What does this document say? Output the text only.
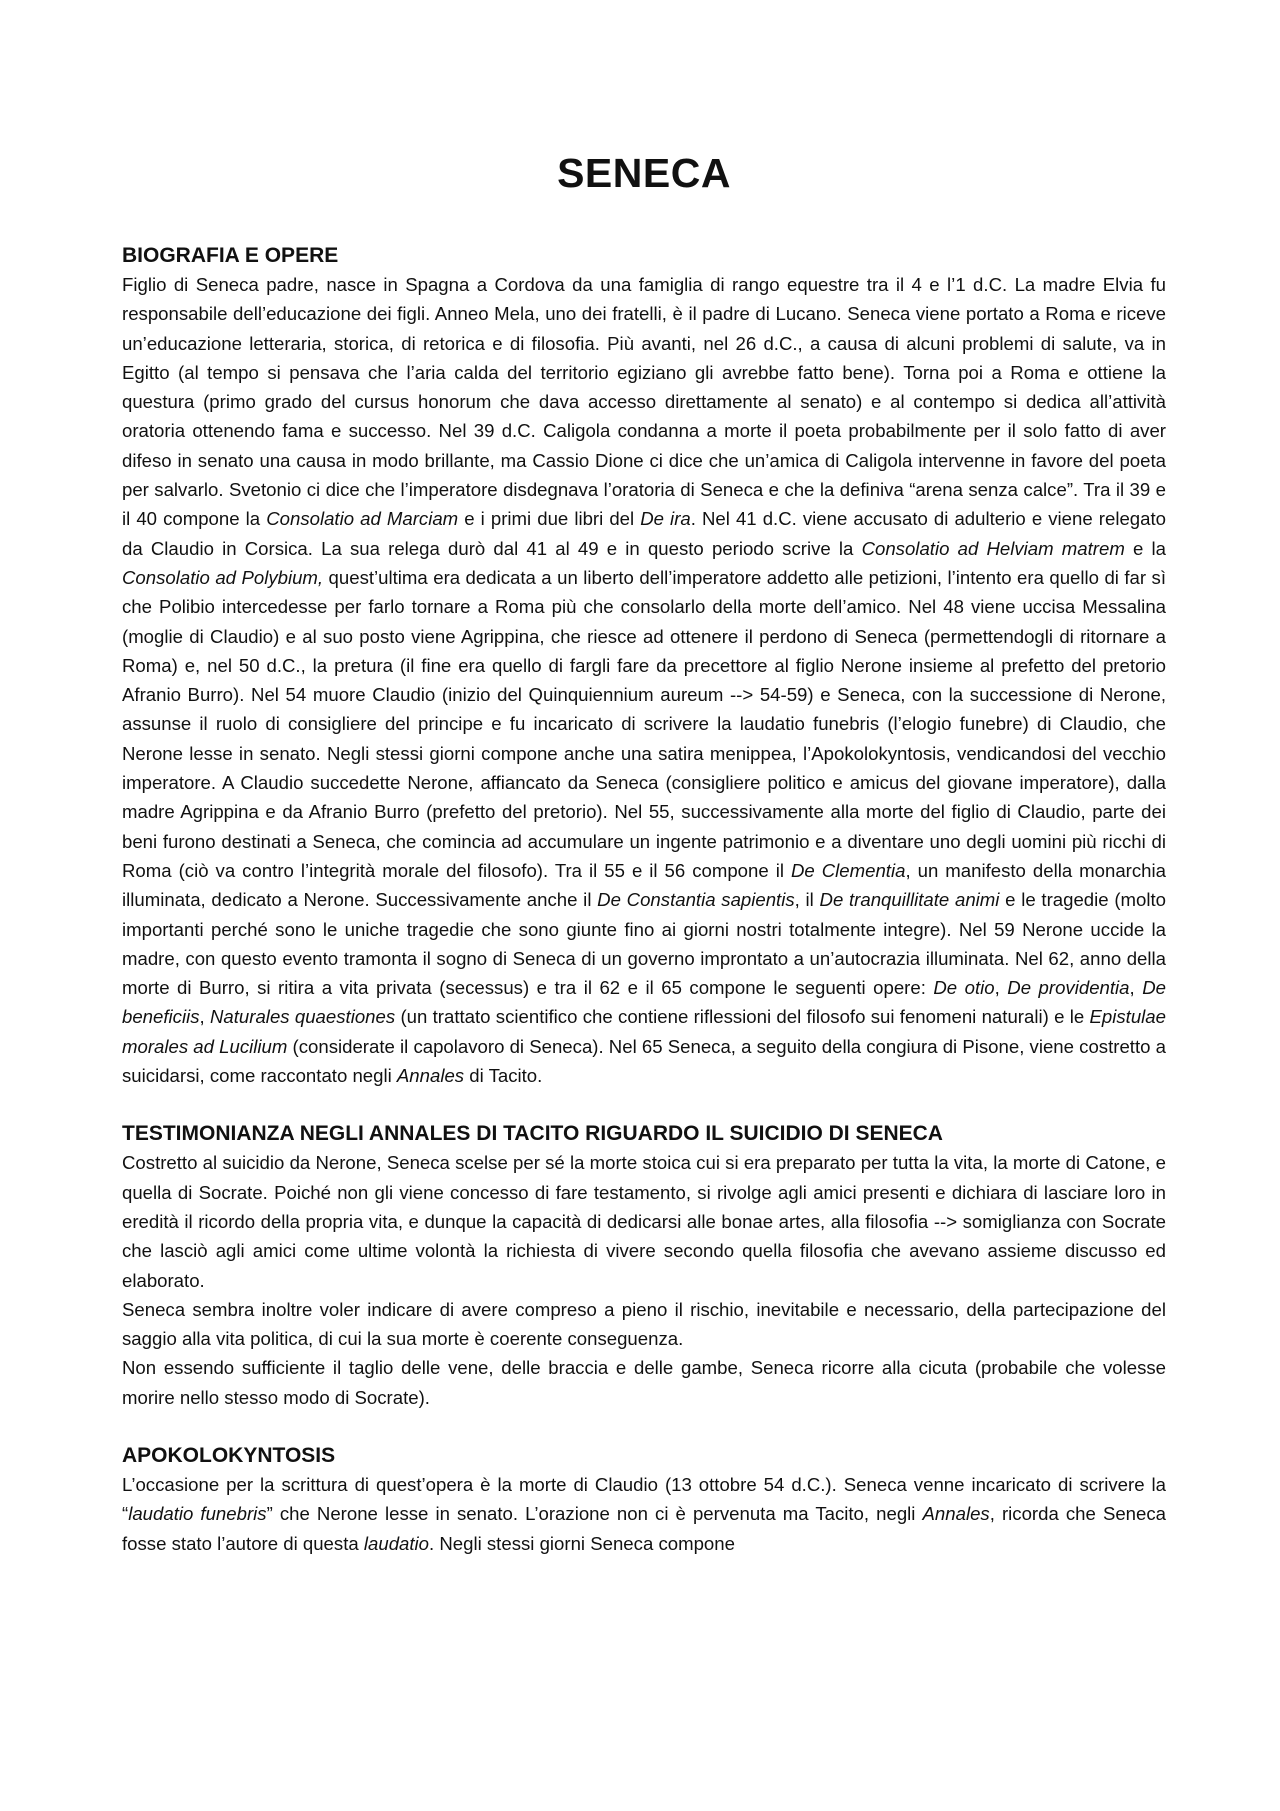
SENECA
BIOGRAFIA E OPERE

Figlio di Seneca padre, nasce in Spagna a Cordova da una famiglia di rango equestre tra il 4 e l’1 d.C. La madre Elvia fu responsabile dell’educazione dei figli. Anneo Mela, uno dei fratelli, è il padre di Lucano. Seneca viene portato a Roma e riceve un’educazione letteraria, storica, di retorica e di filosofia. Più avanti, nel 26 d.C., a causa di alcuni problemi di salute, va in Egitto (al tempo si pensava che l’aria calda del territorio egiziano gli avrebbe fatto bene). Torna poi a Roma e ottiene la questura (primo grado del cursus honorum che dava accesso direttamente al senato) e al contempo si dedica all’attività oratoria ottenendo fama e successo. Nel 39 d.C. Caligola condanna a morte il poeta probabilmente per il solo fatto di aver difeso in senato una causa in modo brillante, ma Cassio Dione ci dice che un’amica di Caligola intervenne in favore del poeta per salvarlo. Svetonio ci dice che l’imperatore disdegnava l’oratoria di Seneca e che la definiva “arena senza calce”. Tra il 39 e il 40 compone la Consolatio ad Marciam e i primi due libri del De ira. Nel 41 d.C. viene accusato di adulterio e viene relegato da Claudio in Corsica. La sua relega durò dal 41 al 49 e in questo periodo scrive la Consolatio ad Helviam matrem e la Consolatio ad Polybium, quest’ultima era dedicata a un liberto dell’imperatore addetto alle petizioni, l’intento era quello di far sì che Polibio intercedesse per farlo tornare a Roma più che consolarlo della morte dell’amico. Nel 48 viene uccisa Messalina (moglie di Claudio) e al suo posto viene Agrippina, che riesce ad ottenere il perdono di Seneca (permettendogli di ritornare a Roma) e, nel 50 d.C., la pretura (il fine era quello di fargli fare da precettore al figlio Nerone insieme al prefetto del pretorio Afranio Burro). Nel 54 muore Claudio (inizio del Quinquiennium aureum --> 54-59) e Seneca, con la successione di Nerone, assunse il ruolo di consigliere del principe e fu incaricato di scrivere la laudatio funebris (l’elogio funebre) di Claudio, che Nerone lesse in senato. Negli stessi giorni compone anche una satira menippea, l’Apokolokyntosis, vendicandosi del vecchio imperatore. A Claudio succedette Nerone, affiancato da Seneca (consigliere politico e amicus del giovane imperatore), dalla madre Agrippina e da Afranio Burro (prefetto del pretorio). Nel 55, successivamente alla morte del figlio di Claudio, parte dei beni furono destinati a Seneca, che comincia ad accumulare un ingente patrimonio e a diventare uno degli uomini più ricchi di Roma (ciò va contro l’integrità morale del filosofo). Tra il 55 e il 56 compone il De Clementia, un manifesto della monarchia illuminata, dedicato a Nerone. Successivamente anche il De Constantia sapientis, il De tranquillitate animi e le tragedie (molto importanti perché sono le uniche tragedie che sono giunte fino ai giorni nostri totalmente integre). Nel 59 Nerone uccide la madre, con questo evento tramonta il sogno di Seneca di un governo improntato a un’autocrazia illuminata. Nel 62, anno della morte di Burro, si ritira a vita privata (secessus) e tra il 62 e il 65 compone le seguenti opere: De otio, De providentia, De beneficiis, Naturales quaestiones (un trattato scientifico che contiene riflessioni del filosofo sui fenomeni naturali) e le Epistulae morales ad Lucilium (considerate il capolavoro di Seneca). Nel 65 Seneca, a seguito della congiura di Pisone, viene costretto a suicidarsi, come raccontato negli Annales di Tacito.

TESTIMONIANZA NEGLI ANNALES DI TACITO RIGUARDO IL SUICIDIO DI SENECA

Costretto al suicidio da Nerone, Seneca scelse per sé la morte stoica cui si era preparato per tutta la vita, la morte di Catone, e quella di Socrate. Poiché non gli viene concesso di fare testamento, si rivolge agli amici presenti e dichiara di lasciare loro in eredità il ricordo della propria vita, e dunque la capacità di dedicarsi alle bonae artes, alla filosofia --> somiglianza con Socrate che lasciò agli amici come ultime volontà la richiesta di vivere secondo quella filosofia che avevano assieme discusso ed elaborato.

Seneca sembra inoltre voler indicare di avere compreso a pieno il rischio, inevitabile e necessario, della partecipazione del saggio alla vita politica, di cui la sua morte è coerente conseguenza.

Non essendo sufficiente il taglio delle vene, delle braccia e delle gambe, Seneca ricorre alla cicuta (probabile che volesse morire nello stesso modo di Socrate).

APOKOLOKYNTOSIS

L’occasione per la scrittura di quest’opera è la morte di Claudio (13 ottobre 54 d.C.). Seneca venne incaricato di scrivere la “laudatio funebris” che Nerone lesse in senato. L’orazione non ci è pervenuta ma Tacito, negli Annales, ricorda che Seneca fosse stato l’autore di questa laudatio. Negli stessi giorni Seneca compone
